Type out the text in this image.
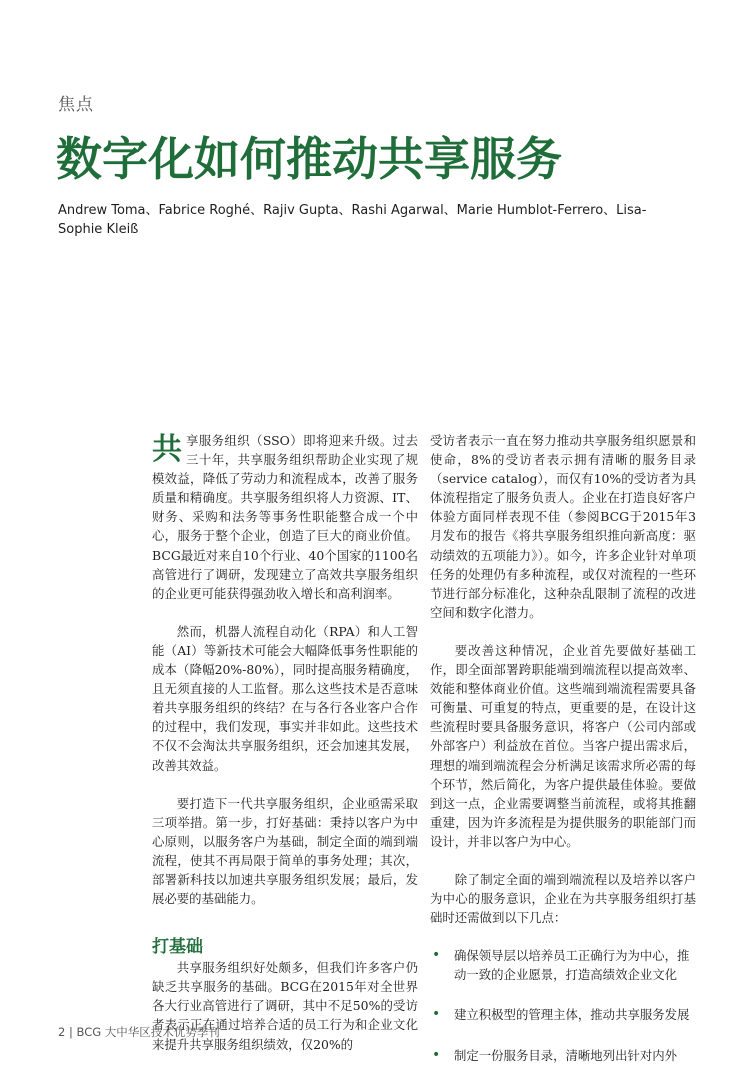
焦点
数字化如何推动共享服务
Andrew Toma、Fabrice Roghé、Rajiv Gupta、Rashi Agarwal、Marie Humblot-Ferrero、Lisa-Sophie Kleiß

共享服务组织（SSO）即将迎来升级。过去三十年，共享服务组织帮助企业实现了规模效益，降低了劳动力和流程成本，改善了服务质量和精确度。共享服务组织将人力资源、IT、财务、采购和法务等事务性职能整合成一个中心，服务于整个企业，创造了巨大的商业价值。BCG最近对来自10个行业、40个国家的1100名高管进行了调研，发现建立了高效共享服务组织的企业更可能获得强劲收入增长和高利润率。

然而，机器人流程自动化（RPA）和人工智能（AI）等新技术可能会大幅降低事务性职能的成本（降幅20%-80%），同时提高服务精确度，且无须直接的人工监督。那么这些技术是否意味着共享服务组织的终结？在与各行各业客户合作的过程中，我们发现，事实并非如此。这些技术不仅不会淘汰共享服务组织，还会加速其发展，改善其效益。

要打造下一代共享服务组织，企业亟需采取三项举措。第一步，打好基础：秉持以客户为中心原则，以服务客户为基础，制定全面的端到端流程，使其不再局限于简单的事务处理；其次，部署新科技以加速共享服务组织发展；最后，发展必要的基础能力。

打基础

共享服务组织好处颇多，但我们许多客户仍缺乏共享服务的基础。BCG在2015年对全世界各大行业高管进行了调研，其中不足50%的受访者表示正在通过培养合适的员工行为和企业文化来提升共享服务组织绩效，仅20%的

受访者表示一直在努力推动共享服务组织愿景和使命，8%的受访者表示拥有清晰的服务目录（service catalog），而仅有10%的受访者为具体流程指定了服务负责人。企业在打造良好客户体验方面同样表现不佳（参阅BCG于2015年3月发布的报告《将共享服务组织推向新高度：驱动绩效的五项能力》）。如今，许多企业针对单项任务的处理仍有多种流程，或仅对流程的一些环节进行部分标准化，这种杂乱限制了流程的改进空间和数字化潜力。

要改善这种情况，企业首先要做好基础工作，即全面部署跨职能端到端流程以提高效率、效能和整体商业价值。这些端到端流程需要具备可衡量、可重复的特点，更重要的是，在设计这些流程时要具备服务意识，将客户（公司内部或外部客户）利益放在首位。当客户提出需求后，理想的端到端流程会分析满足该需求所必需的每个环节，然后简化，为客户提供最佳体验。要做到这一点，企业需要调整当前流程，或将其推翻重建，因为许多流程是为提供服务的职能部门而设计，并非以客户为中心。

除了制定全面的端到端流程以及培养以客户为中心的服务意识，企业在为共享服务组织打基础时还需做到以下几点：

• 确保领导层以培养员工正确行为为中心，推动一致的企业愿景，打造高绩效企业文化
• 建立积极型的管理主体，推动共享服务发展
• 制定一份服务目录，清晰地列出针对内外
2 | BCG 大中华区技术优势季刊
